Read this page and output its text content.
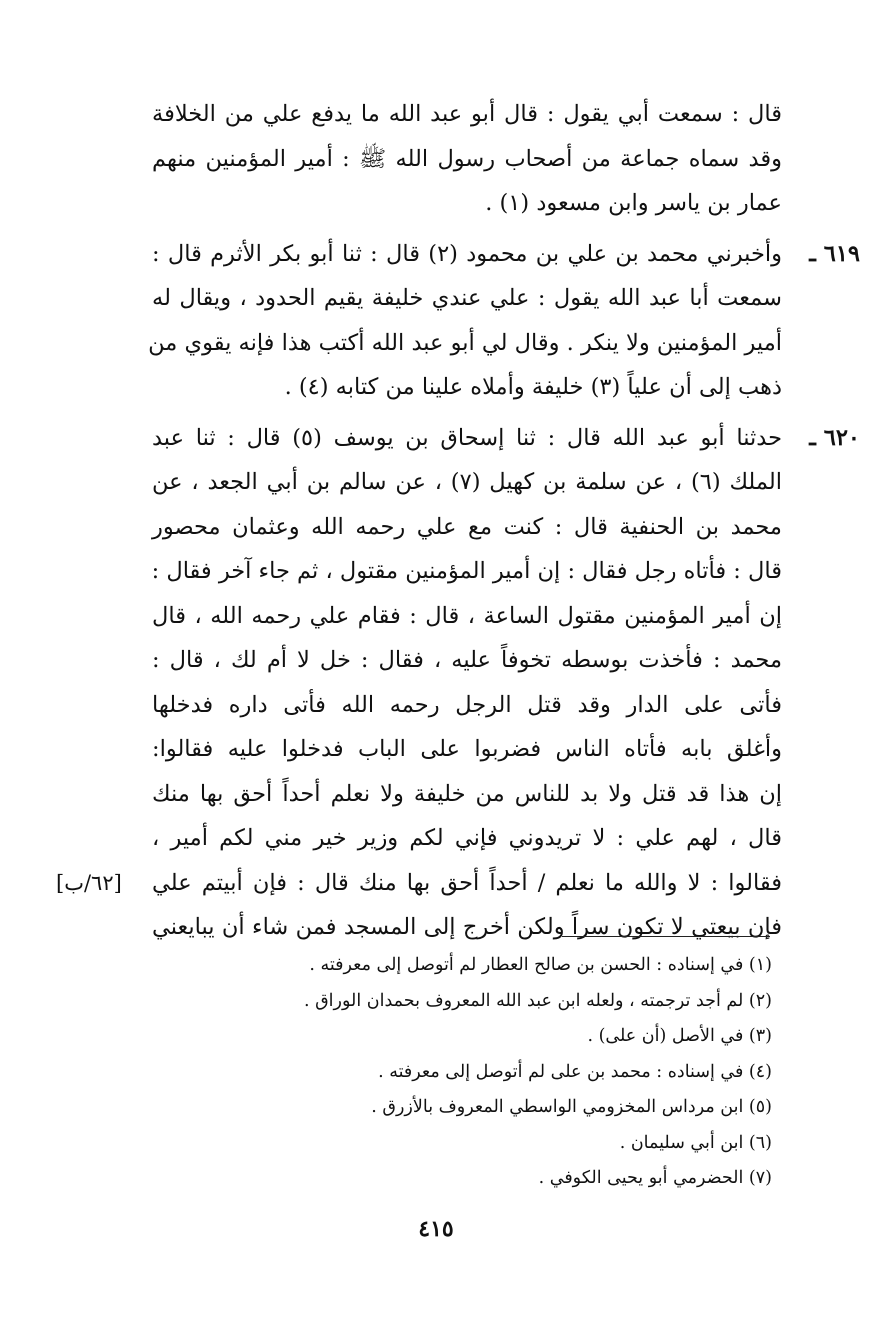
قال : سمعت أبي يقول : قال أبو عبد الله ما يدفع علي من الخلافة
وقد سماه جماعة من أصحاب رسول الله ﷺ : أمير المؤمنين منهم
عمار بن ياسر وابن مسعود (١) .
٦١٩ ـ
وأخبرني محمد بن علي بن محمود (٢) قال : ثنا أبو بكر الأثرم قال :
سمعت أبا عبد الله يقول : علي عندي خليفة يقيم الحدود ، ويقال له
أمير المؤمنين ولا ينكر . وقال لي أبو عبد الله أكتب هذا فإنه يقوي من
ذهب إلى أن علياً (٣) خليفة وأملاه علينا من كتابه (٤) .
٦٢٠ ـ
حدثنا أبو عبد الله قال : ثنا إسحاق بن يوسف (٥) قال : ثنا عبد
الملك (٦) ، عن سلمة بن كهيل (٧) ، عن سالم بن أبي الجعد ، عن
محمد بن الحنفية قال : كنت مع علي رحمه الله وعثمان محصور
قال : فأتاه رجل فقال : إن أمير المؤمنين مقتول ، ثم جاء آخر فقال :
إن أمير المؤمنين مقتول الساعة ، قال : فقام علي رحمه الله ، قال
محمد : فأخذت بوسطه تخوفاً عليه ، فقال : خل لا أم لك ، قال :
فأتى على الدار وقد قتل الرجل رحمه الله فأتى داره فدخلها
وأغلق بابه فأتاه الناس فضربوا على الباب فدخلوا عليه فقالوا:
إن هذا قد قتل ولا بد للناس من خليفة ولا نعلم أحداً أحق بها منك
قال ، لهم علي : لا تريدوني فإني لكم وزير خير مني لكم أمير ،
فقالوا : لا والله ما نعلم / أحداً أحق بها منك قال : فإن أبيتم علي
[٦٢/ب]
فإن بيعتي لا تكون سراً ولكن أخرج إلى المسجد فمن شاء أن يبايعني
(١) في إسناده : الحسن بن صالح العطار لم أتوصل إلى معرفته .
(٢) لم أجد ترجمته ، ولعله ابن عبد الله المعروف بحمدان الوراق .
(٣) في الأصل (أن على) .
(٤) في إسناده : محمد بن على لم أتوصل إلى معرفته .
(٥) ابن مرداس المخزومي الواسطي المعروف بالأزرق .
(٦) ابن أبي سليمان .
(٧) الحضرمي أبو يحيى الكوفي .
٤١٥
